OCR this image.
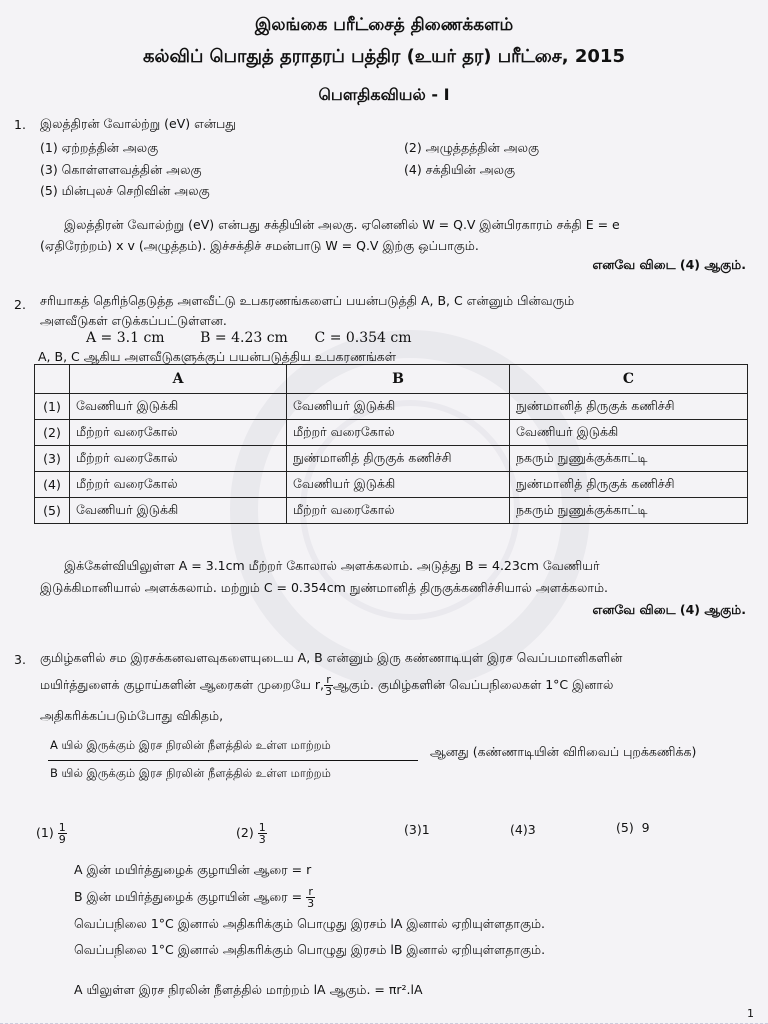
இலங்கை பரீட்சைத் திணைக்களம்
கல்விப் பொதுத் தராதரப் பத்திர (உயர் தர) பரீட்சை, 2015
பௌதிகவியல் - I
1. இலத்திரன் வோல்ற்று (eV) என்பது
(1) ஏற்றத்தின் அலகு	(2) அழுத்தத்தின் அலகு
(3) கொள்ளளவத்தின் அலகு	(4) சக்தியின் அலகு
(5) மின்புலச் செறிவின் அலகு
இலத்திரன் வோல்ற்று (eV) என்பது சக்தியின் அலகு. ஏனெனில் W = Q.V இன்பிரகாரம் சக்தி E = e
(ஏதிரேற்றம்) x v (அழுத்தம்). இச்சக்திச் சமன்பாடு W = Q.V இற்கு ஒப்பாகும்.
எனவே விடை (4) ஆகும்.
2. சரியாகத் தெரிந்தெடுத்த அளவீட்டு உபகரணங்களைப் பயன்படுத்தி A, B, C என்னும் பின்வரும்
அளவீடுகள் எடுக்கப்பட்டுள்ளன.
A = 3.1 cm        B = 4.23 cm      C = 0.354 cm
A, B, C ஆகிய அளவீடுகளுக்குப் பயன்படுத்திய உபகரணங்கள்
	A	B	C
(1)	வேணியர் இடுக்கி	வேணியர் இடுக்கி	நுண்மானித் திருகுக் கணிச்சி
(2)	மீற்றர் வரைகோல்	மீற்றர் வரைகோல்	வேணியர் இடுக்கி
(3)	மீற்றர் வரைகோல்	நுண்மானித் திருகுக் கணிச்சி	நகரும் நுணுக்குக்காட்டி
(4)	மீற்றர் வரைகோல்	வேணியர் இடுக்கி	நுண்மானித் திருகுக் கணிச்சி
(5)	வேணியர் இடுக்கி	மீற்றர் வரைகோல்	நகரும் நுணுக்குக்காட்டி
இக்கேள்வியிலுள்ள A = 3.1cm மீற்றர் கோலால் அளக்கலாம். அடுத்து B = 4.23cm வேணியர்
இடுக்கிமானியால் அளக்கலாம். மற்றும் C = 0.354cm நுண்மானித் திருகுக்கணிச்சியால் அளக்கலாம்.
எனவே விடை (4) ஆகும்.
3. குமிழ்களில் சம இரசக்கனவளவுகளையுடைய A, B என்னும் இரு கண்ணாடியுள் இரச வெப்பமானிகளின்
மயிர்த்துளைக் குழாய்களின் ஆரைகள் முறையே r, $\frac{r}{3}$ ஆகும். குமிழ்களின் வெப்பநிலைகள் 1°C இனால்
அதிகரிக்கப்படும்போது விகிதம்,
A யில் இருக்கும் இரச நிரலின் நீளத்தில் உள்ள மாற்றம்
B யில் இருக்கும் இரச நிரலின் நீளத்தில் உள்ள மாற்றம்
ஆனது (கண்ணாடியின் விரிவைப் புறக்கணிக்க)
$(1) \frac{1}{9}$	$(2) \frac{1}{3}$	(3)1	(4)3	(5)  9
A இன் மயிர்த்துழைக் குழாயின் ஆரை = r
B இன் மயிர்த்துழைக் குழாயின் ஆரை = $\frac{r}{3}$
வெப்பநிலை 1°C இனால் அதிகரிக்கும் பொழுது இரசம் lA இனால் ஏறியுள்ளதாகும்.
வெப்பநிலை 1°C இனால் அதிகரிக்கும் பொழுது இரசம் lB இனால் ஏறியுள்ளதாகும்.
A யிலுள்ள இரச நிரலின் நீளத்தில் மாற்றம் lA ஆகும். = πr².lA
1
